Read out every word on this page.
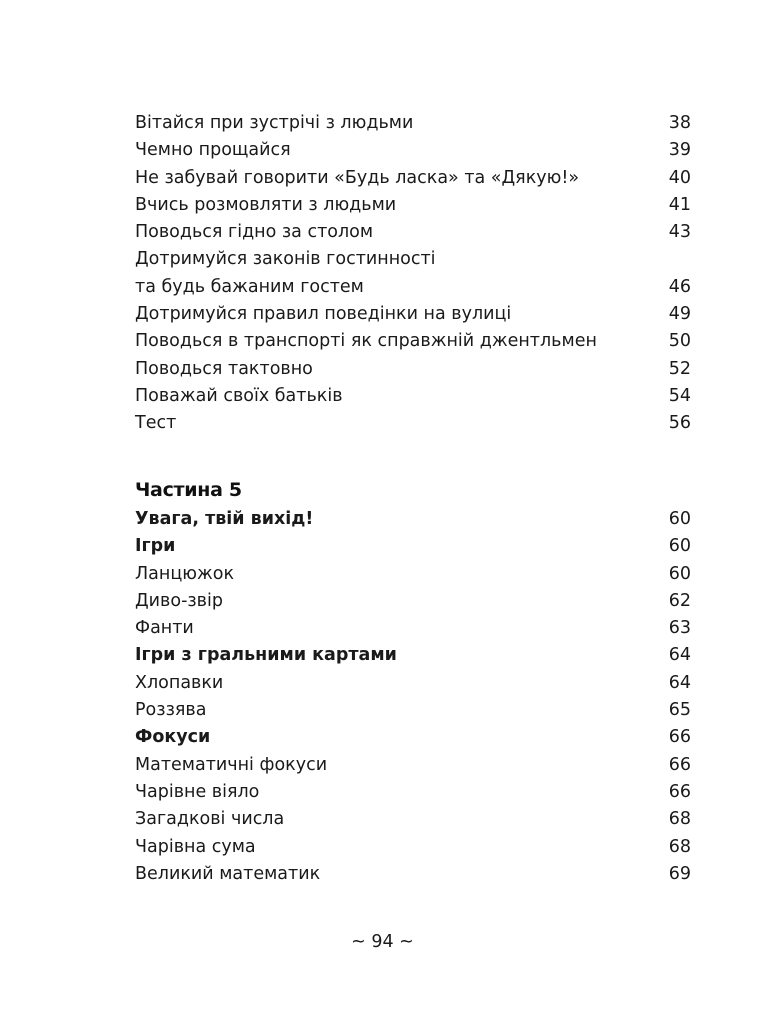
Вітайся при зустрічі з людьми	38
Чемно прощайся	39
Не забувай говорити «Будь ласка» та «Дякую!»	40
Вчись розмовляти з людьми	41
Поводься гідно за столом	43
Дотримуйся законів гостинності
та будь бажаним гостем	46
Дотримуйся правил поведінки на вулиці	49
Поводься в транспорті як справжній джентльмен	50
Поводься тактовно	52
Поважай своїх батьків	54
Тест	56
Частина 5
Увага, твій вихід!	60
Ігри	60
Ланцюжок	60
Диво-звір	62
Фанти	63
Ігри з гральними картами	64
Хлопавки	64
Роззява	65
Фокуси	66
Математичні фокуси	66
Чарівне віяло	66
Загадкові числа	68
Чарівна сума	68
Великий математик	69
~ 94 ~
